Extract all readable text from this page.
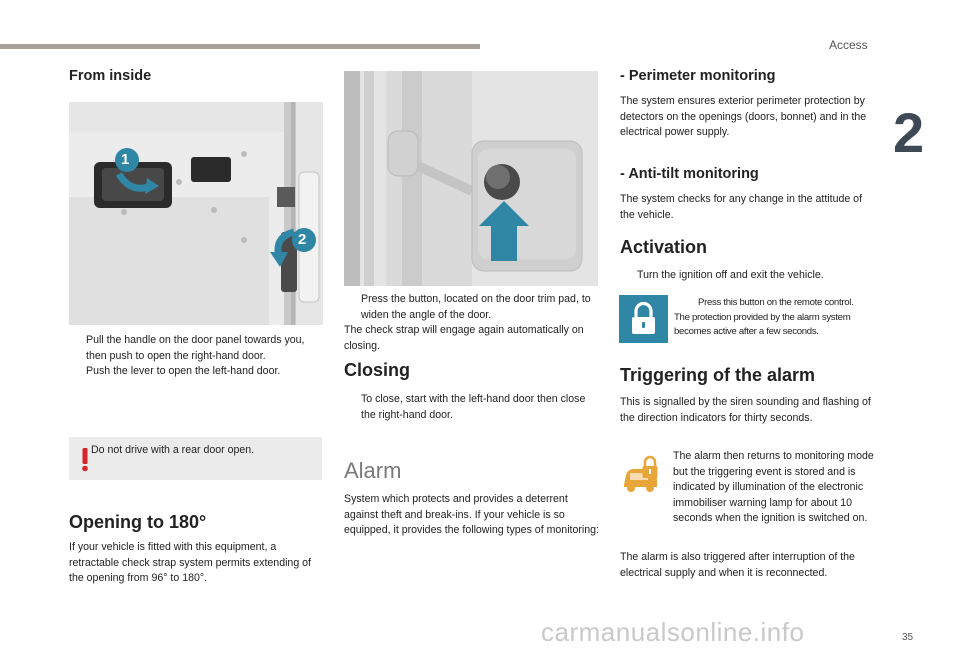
Access
2
From inside
1
2
Pull the handle on the door panel towards you, then push to open the right-hand door.
Push the lever to open the left-hand door.
Do not drive with a rear door open.
Opening to 180°
If your vehicle is fitted with this equipment, a retractable check strap system permits extending of the opening from 96° to 180°.
Press the button, located on the door trim pad, to widen the angle of the door.
The check strap will engage again automatically on closing.
Closing
To close, start with the left-hand door then close the right-hand door.
Alarm
System which protects and provides a deterrent against theft and break-ins. If your vehicle is so equipped, it provides the following types of monitoring:
- Perimeter monitoring
The system ensures exterior perimeter protection by detectors on the openings (doors, bonnet) and in the electrical power supply.
- Anti-tilt monitoring
The system checks for any change in the attitude of the vehicle.
Activation
Turn the ignition off and exit the vehicle.
Press this button on the remote control.
The protection provided by the alarm system becomes active after a few seconds.
Triggering of the alarm
This is signalled by the siren sounding and flashing of the direction indicators for thirty seconds.
The alarm then returns to monitoring mode but the triggering event is stored and is indicated by illumination of the electronic immobiliser warning lamp for about 10 seconds when the ignition is switched on.
The alarm is also triggered after interruption of the electrical supply and when it is reconnected.
35
carmanualsonline.info
